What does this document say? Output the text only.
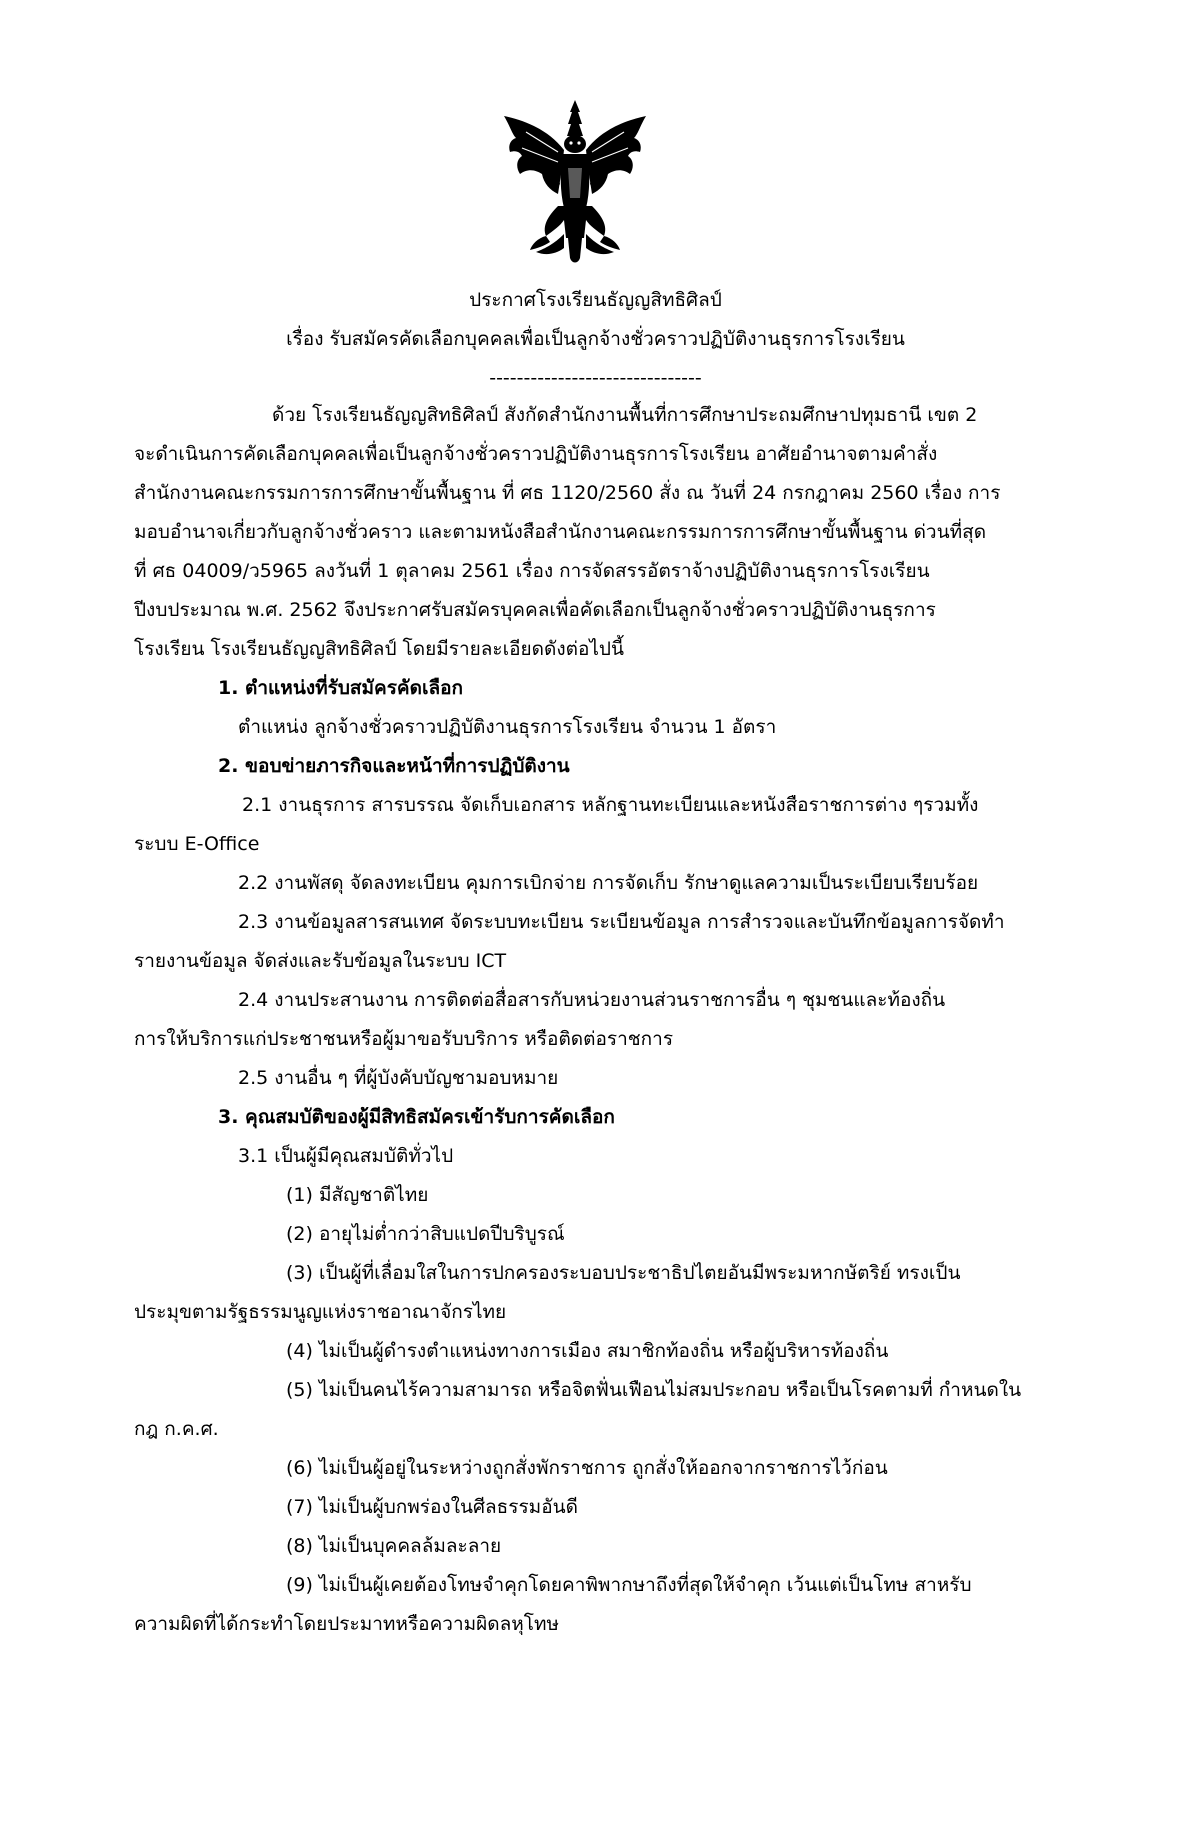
ประกาศโรงเรียนธัญญสิทธิศิลป์
เรื่อง รับสมัครคัดเลือกบุคคลเพื่อเป็นลูกจ้างชั่วคราวปฏิบัติงานธุรการโรงเรียน
-------------------------------
ด้วย โรงเรียนธัญญสิทธิศิลป์ สังกัดสำนักงานพื้นที่การศึกษาประถมศึกษาปทุมธานี เขต 2
จะดำเนินการคัดเลือกบุคคลเพื่อเป็นลูกจ้างชั่วคราวปฏิบัติงานธุรการโรงเรียน อาศัยอำนาจตามคำสั่ง
สำนักงานคณะกรรมการการศึกษาขั้นพื้นฐาน ที่ ศธ 1120/2560 สั่ง ณ วันที่ 24 กรกฎาคม 2560 เรื่อง การ
มอบอำนาจเกี่ยวกับลูกจ้างชั่วคราว และตามหนังสือสำนักงานคณะกรรมการการศึกษาขั้นพื้นฐาน ด่วนที่สุด
ที่ ศธ 04009/ว5965 ลงวันที่ 1 ตุลาคม 2561 เรื่อง การจัดสรรอัตราจ้างปฏิบัติงานธุรการโรงเรียน
ปีงบประมาณ พ.ศ. 2562 จึงประกาศรับสมัครบุคคลเพื่อคัดเลือกเป็นลูกจ้างชั่วคราวปฏิบัติงานธุรการ
โรงเรียน โรงเรียนธัญญสิทธิศิลป์ โดยมีรายละเอียดดังต่อไปนี้
1. ตำแหน่งที่รับสมัครคัดเลือก
ตำแหน่ง ลูกจ้างชั่วคราวปฏิบัติงานธุรการโรงเรียน จำนวน 1 อัตรา
2. ขอบข่ายภารกิจและหน้าที่การปฏิบัติงาน
2.1 งานธุรการ สารบรรณ จัดเก็บเอกสาร หลักฐานทะเบียนและหนังสือราชการต่าง ๆรวมทั้ง
ระบบ E-Office
2.2 งานพัสดุ จัดลงทะเบียน คุมการเบิกจ่าย การจัดเก็บ รักษาดูแลความเป็นระเบียบเรียบร้อย
2.3 งานข้อมูลสารสนเทศ จัดระบบทะเบียน ระเบียนข้อมูล การสำรวจและบันทึกข้อมูลการจัดทำ
รายงานข้อมูล จัดส่งและรับข้อมูลในระบบ ICT
2.4 งานประสานงาน การติดต่อสื่อสารกับหน่วยงานส่วนราชการอื่น ๆ ชุมชนและท้องถิ่น
การให้บริการแก่ประชาชนหรือผู้มาขอรับบริการ หรือติดต่อราชการ
2.5 งานอื่น ๆ ที่ผู้บังคับบัญชามอบหมาย
3. คุณสมบัติของผู้มีสิทธิสมัครเข้ารับการคัดเลือก
3.1 เป็นผู้มีคุณสมบัติทั่วไป
(1) มีสัญชาติไทย
(2) อายุไม่ต่ำกว่าสิบแปดปีบริบูรณ์
(3) เป็นผู้ที่เลื่อมใสในการปกครองระบอบประชาธิปไตยอันมีพระมหากษัตริย์ ทรงเป็น
ประมุขตามรัฐธรรมนูญแห่งราชอาณาจักรไทย
(4) ไม่เป็นผู้ดำรงตำแหน่งทางการเมือง สมาชิกท้องถิ่น หรือผู้บริหารท้องถิ่น
(5) ไม่เป็นคนไร้ความสามารถ หรือจิตฟั่นเฟือนไม่สมประกอบ หรือเป็นโรคตามที่ กำหนดใน
กฎ ก.ค.ศ.
(6) ไม่เป็นผู้อยู่ในระหว่างถูกสั่งพักราชการ ถูกสั่งให้ออกจากราชการไว้ก่อน
(7) ไม่เป็นผู้บกพร่องในศีลธรรมอันดี
(8) ไม่เป็นบุคคลล้มละลาย
(9) ไม่เป็นผู้เคยต้องโทษจำคุกโดยคาพิพากษาถึงที่สุดให้จำคุก เว้นแต่เป็นโทษ สาหรับ
ความผิดที่ได้กระทำโดยประมาทหรือความผิดลหุโทษ
